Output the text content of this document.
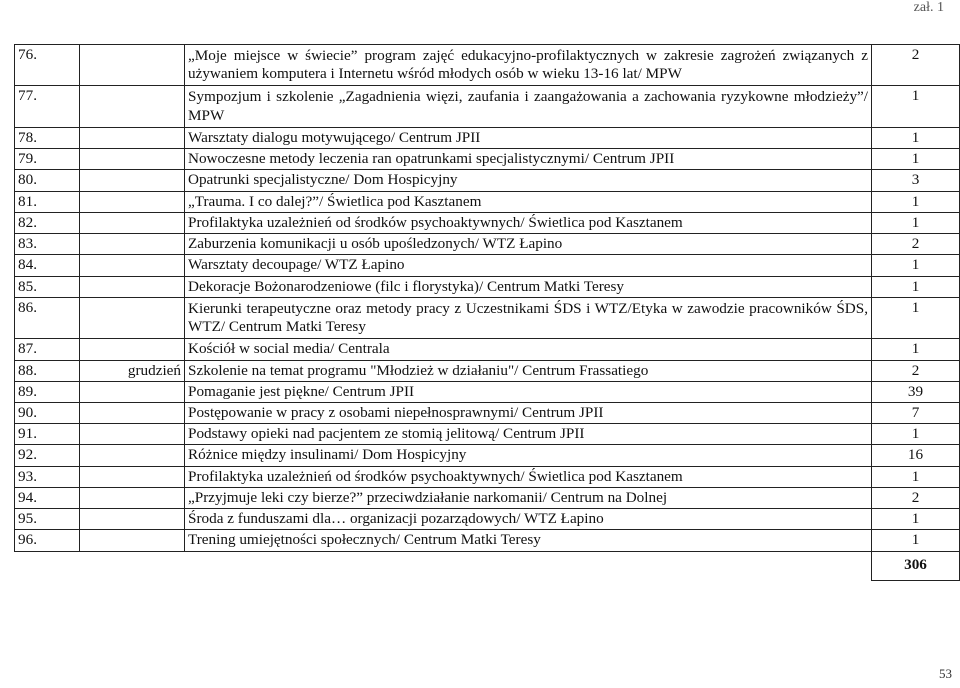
zał. 1
76.		„Moje miejsce w świecie” program zajęć edukacyjno-profilaktycznych w zakresie zagrożeń związanych z używaniem komputera i Internetu wśród młodych osób w wieku 13-16 lat/ MPW	2
77.		Sympozjum i szkolenie „Zagadnienia więzi, zaufania i zaangażowania a zachowania ryzykowne młodzieży”/ MPW	1
78.		Warsztaty dialogu motywującego/ Centrum JPII	1
79.		Nowoczesne metody leczenia ran opatrunkami specjalistycznymi/ Centrum JPII	1
80.		Opatrunki specjalistyczne/ Dom Hospicyjny	3
81.		„Trauma. I co dalej?”/ Świetlica pod Kasztanem	1
82.		Profilaktyka uzależnień od środków psychoaktywnych/ Świetlica pod Kasztanem	1
83.		Zaburzenia komunikacji u osób upośledzonych/ WTZ Łapino	2
84.		Warsztaty decoupage/ WTZ Łapino	1
85.		Dekoracje Bożonarodzeniowe (filc i florystyka)/ Centrum Matki Teresy	1
86.		Kierunki terapeutyczne oraz metody pracy z Uczestnikami ŚDS i WTZ/Etyka w zawodzie pracowników ŚDS, WTZ/ Centrum Matki Teresy	1
87.		Kościół w social media/ Centrala	1
88.	grudzień	Szkolenie na temat programu "Młodzież w działaniu"/ Centrum Frassatiego	2
89.		Pomaganie jest piękne/ Centrum JPII	39
90.		Postępowanie w pracy z osobami niepełnosprawnymi/ Centrum JPII	7
91.		Podstawy opieki nad pacjentem ze stomią jelitową/ Centrum JPII	1
92.		Różnice między insulinami/ Dom Hospicyjny	16
93.		Profilaktyka uzależnień od środków psychoaktywnych/ Świetlica pod Kasztanem	1
94.		„Przyjmuje leki czy bierze?” przeciwdziałanie narkomanii/ Centrum na Dolnej	2
95.		Środa z funduszami dla… organizacji pozarządowych/ WTZ Łapino	1
96.		Trening umiejętności społecznych/ Centrum Matki Teresy	1
			306
53
